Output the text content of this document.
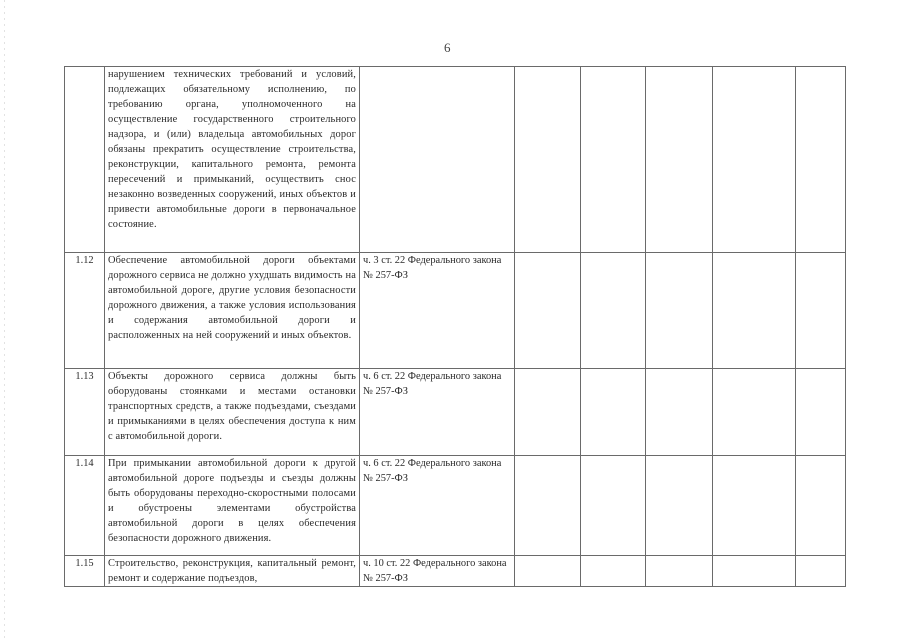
6
	нарушением технических требований и условий, подлежащих обязательному исполнению, по требованию органа, уполномоченного на осуществление государственного строительного надзора, и (или) владельца автомобильных дорог обязаны прекратить осуществление строительства, реконструкции, капитального ремонта, ремонта пересечений и примыканий, осуществить снос незаконно возведенных сооружений, иных объектов и привести автомобильные дороги в первоначальное состояние.						
1.12	Обеспечение автомобильной дороги объектами дорожного сервиса не должно ухудшать видимость на автомобильной дороге, другие условия безопасности дорожного движения, а также условия использования и содержания автомобильной дороги и расположенных на ней сооружений и иных объектов.	ч. 3 ст. 22 Федерального закона № 257-ФЗ					
1.13	Объекты дорожного сервиса должны быть оборудованы стоянками и местами остановки транспортных средств, а также подъездами, съездами и примыканиями в целях обеспечения доступа к ним с автомобильной дороги.	ч. 6 ст. 22 Федерального закона № 257-ФЗ					
1.14	При примыкании автомобильной дороги к другой автомобильной дороге подъезды и съезды должны быть оборудованы переходно-скоростными полосами и обустроены элементами обустройства автомобильной дороги в целях обеспечения безопасности дорожного движения.	ч. 6 ст. 22 Федерального закона № 257-ФЗ					
1.15	Строительство, реконструкция, капитальный ремонт, ремонт и содержание подъездов,	ч. 10 ст. 22 Федерального закона № 257-ФЗ					
